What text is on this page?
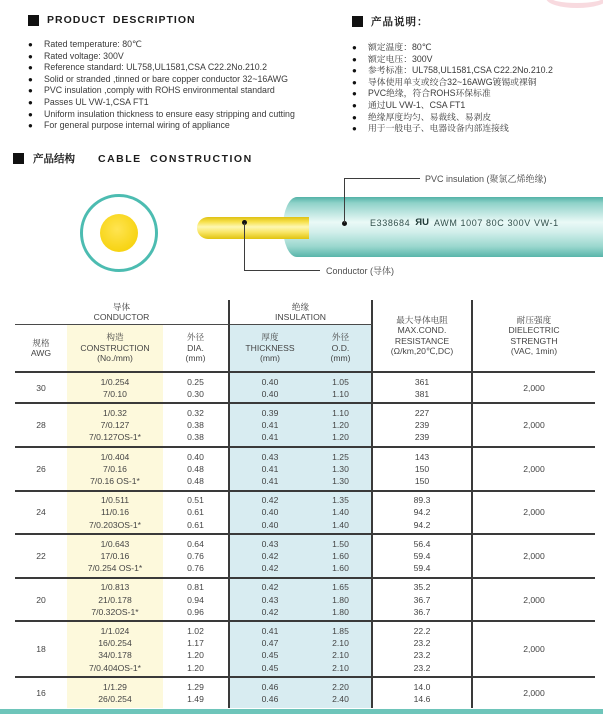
PRODUCT DESCRIPTION
●
Rated temperature: 80℃
●
Rated voltage: 300V
●
Reference standard: UL758,UL1581,CSA C22.2No.210.2
●
Solid or stranded ,tinned or bare copper conductor 32~16AWG
●
PVC insulation ,comply with ROHS environmental standard
●
Passes UL VW-1,CSA FT1
●
Uniform insulation thickness to ensure easy stripping and cutting
●
For general purpose internal wiring of appliance
产品说明：
●
额定温度：80℃
●
额定电压：300V
●
参考标准：UL758,UL1581,CSA C22.2No.210.2
●
导体使用单支或绞合32~16AWG镀锡或裸铜
●
PVC绝缘，符合ROHS环保标准
●
通过UL VW-1、CSA FT1
●
绝缘厚度均匀、易裁线、易剥皮
●
用于一般电子、电器设备内部连接线
产品结构 CABLE CONSTRUCTION
E338684 ЯU AWM 1007 80C 300V VW-1
PVC insulation (聚氯乙烯绝缘)
Conductor (导体)
导体
CONDUCTOR
绝缘
INSULATION
规格
AWG
构造
CONSTRUCTION
(No./mm)
外径
DIA.
(mm)
厚度
THICKNESS
(mm)
外径
O.D.
(mm)
最大导体电阻
MAX.COND.
RESISTANCE
(Ω/km,20℃,DC)
耐压强度
DIELECTRIC
STRENGTH
(VAC, 1min)
30
1/0.254
7/0.10
0.25
0.30
0.40
0.40
1.05
1.10
361
381
2,000
28
1/0.32
7/0.127
7/0.127OS-1*
0.32
0.38
0.38
0.39
0.41
0.41
1.10
1.20
1.20
227
239
239
2,000
26
1/0.404
7/0.16
7/0.16 OS-1*
0.40
0.48
0.48
0.43
0.41
0.41
1.25
1.30
1.30
143
150
150
2,000
24
1/0.511
11/0.16
7/0.203OS-1*
0.51
0.61
0.61
0.42
0.40
0.40
1.35
1.40
1.40
89.3
94.2
94.2
2,000
22
1/0.643
17/0.16
7/0.254 OS-1*
0.64
0.76
0.76
0.43
0.42
0.42
1.50
1.60
1.60
56.4
59.4
59.4
2,000
20
1/0.813
21/0.178
7/0.32OS-1*
0.81
0.94
0.96
0.42
0.43
0.42
1.65
1.80
1.80
35.2
36.7
36.7
2,000
18
1/1.024
16/0.254
34/0.178
7/0.404OS-1*
1.02
1.17
1.20
1.20
0.41
0.47
0.45
0.45
1.85
2.10
2.10
2.10
22.2
23.2
23.2
23.2
2,000
16
1/1.29
26/0.254
1.29
1.49
0.46
0.46
2.20
2.40
14.0
14.6
2,000
